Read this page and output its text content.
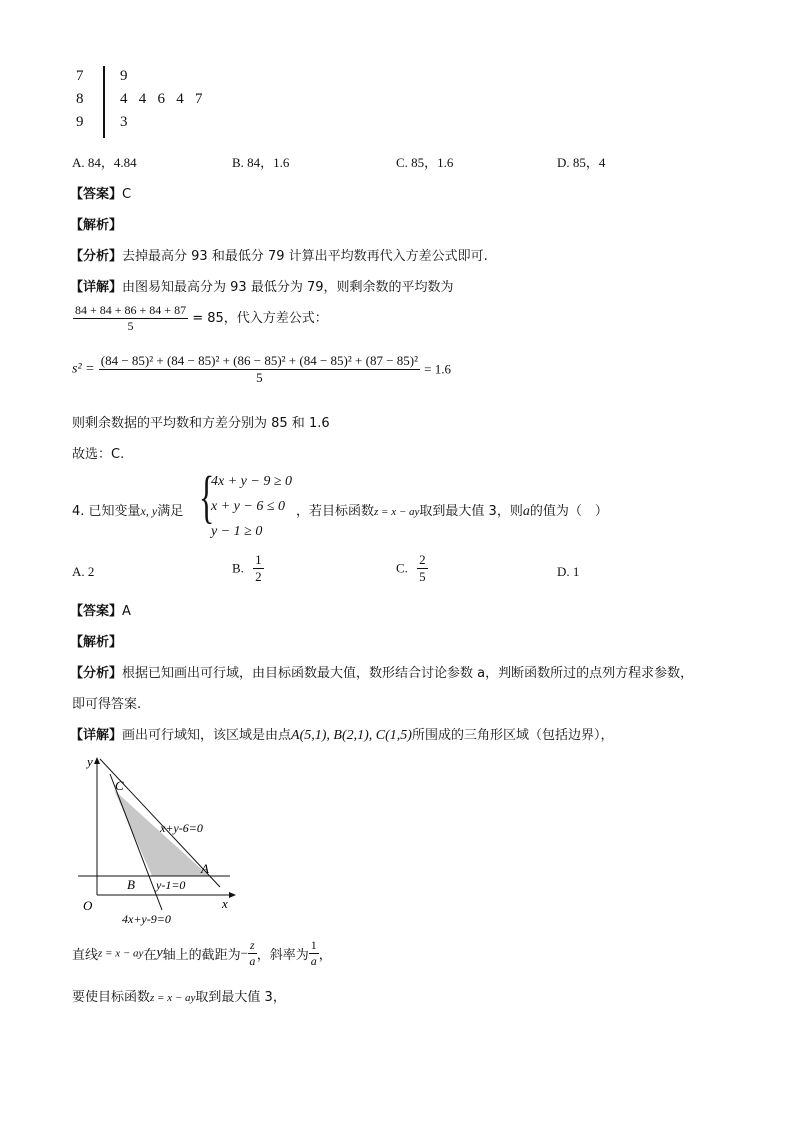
7 9
8 4   4   6   4   7
9 3
A. 84，4.84	B. 84，1.6	C. 85，1.6	D. 85，4
【答案】C
【解析】
【分析】去掉最高分 93 和最低分 79 计算出平均数再代入方差公式即可.
【详解】由图易知最高分为 93 最低分为 79，则剩余数的平均数为
$\frac{84 + 84 + 86 + 84 + 87}{5} = 85$，代入方差公式：
s² =
(84 − 85)² + (84 − 85)² + (86 − 85)² + (84 − 85)² + (87 − 85)²
5
= 1.6
则剩余数据的平均数和方差分别为 85 和 1.6
故选：C.
4. 已知变量x, y满足 {
4x + y − 9 ≥ 0
x + y − 6 ≤ 0
y − 1 ≥ 0
，若目标函数z = x − ay取到最大值 3，则a的值为（　）
A. 2	B. $\frac{1}{2}$	C. $\frac{2}{5}$	D. 1
【答案】A
【解析】
【分析】根据已知画出可行域，由目标函数最大值，数形结合讨论参数 a，判断函数所过的点列方程求参数，
即可得答案.
【详解】画出可行域知，该区域是由点A(5,1), B(2,1), C(1,5)所围成的三角形区域（包括边界），
y
x
O
C
A
B
x+y-6=0
y-1=0
4x+y-9=0
直线z = x − ay在y轴上的截距为− $\frac{z}{a}$ ，斜率为 $\frac{1}{a}$ ，
要使目标函数z = x − ay取到最大值 3，
